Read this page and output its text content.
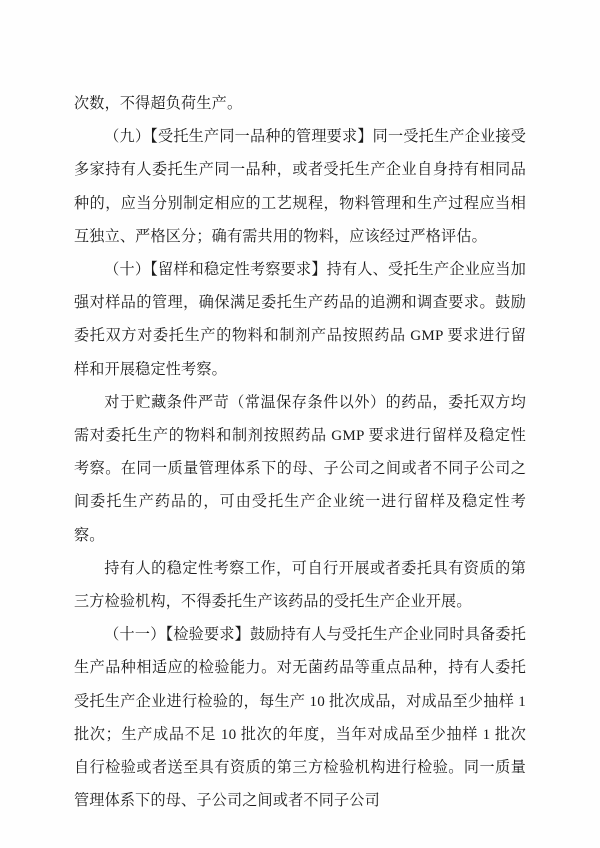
次数，不得超负荷生产。

（九）【受托生产同一品种的管理要求】同一受托生产企业接受多家持有人委托生产同一品种，或者受托生产企业自身持有相同品种的，应当分别制定相应的工艺规程，物料管理和生产过程应当相互独立、严格区分；确有需共用的物料，应该经过严格评估。

（十）【留样和稳定性考察要求】持有人、受托生产企业应当加强对样品的管理，确保满足委托生产药品的追溯和调查要求。鼓励委托双方对委托生产的物料和制剂产品按照药品 GMP 要求进行留样和开展稳定性考察。

对于贮藏条件严苛（常温保存条件以外）的药品，委托双方均需对委托生产的物料和制剂按照药品 GMP 要求进行留样及稳定性考察。在同一质量管理体系下的母、子公司之间或者不同子公司之间委托生产药品的，可由受托生产企业统一进行留样及稳定性考察。

持有人的稳定性考察工作，可自行开展或者委托具有资质的第三方检验机构，不得委托生产该药品的受托生产企业开展。

（十一）【检验要求】鼓励持有人与受托生产企业同时具备委托生产品种相适应的检验能力。对无菌药品等重点品种，持有人委托受托生产企业进行检验的，每生产 10 批次成品，对成品至少抽样 1 批次；生产成品不足 10 批次的年度，当年对成品至少抽样 1 批次自行检验或者送至具有资质的第三方检验机构进行检验。同一质量管理体系下的母、子公司之间或者不同子公司
